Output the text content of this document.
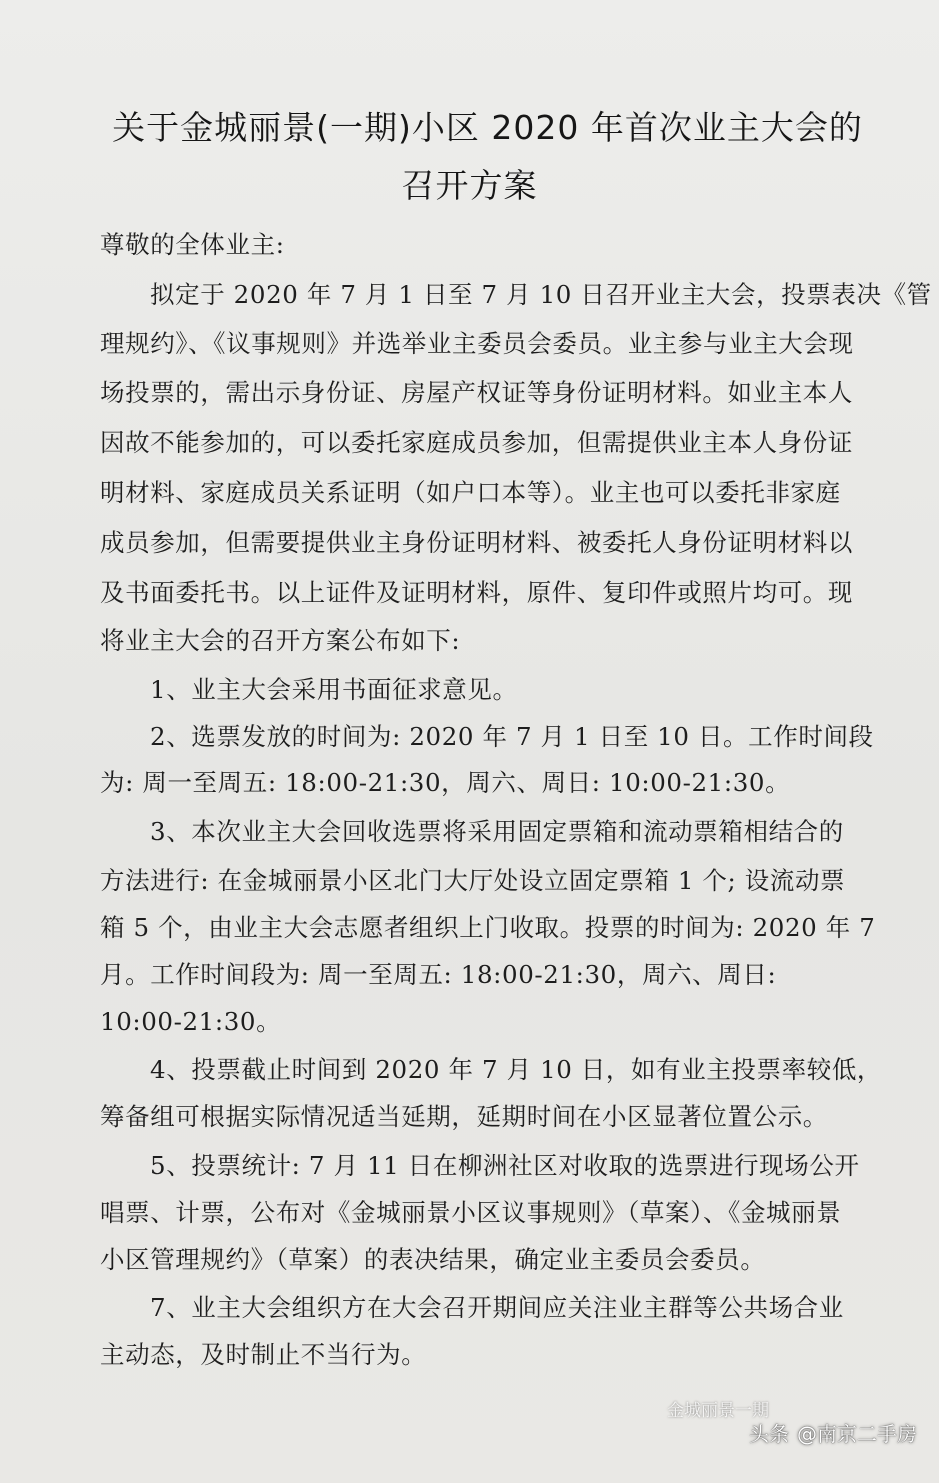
关于金城丽景(一期)小区 2020 年首次业主大会的
召开方案
尊敬的全体业主:
拟定于 2020 年 7 月 1 日至 7 月 10 日召开业主大会，投票表决《管
理规约》、《议事规则》并选举业主委员会委员。业主参与业主大会现
场投票的，需出示身份证、房屋产权证等身份证明材料。如业主本人
因故不能参加的，可以委托家庭成员参加，但需提供业主本人身份证
明材料、家庭成员关系证明（如户口本等）。业主也可以委托非家庭
成员参加，但需要提供业主身份证明材料、被委托人身份证明材料以
及书面委托书。以上证件及证明材料，原件、复印件或照片均可。现
将业主大会的召开方案公布如下:
1、业主大会采用书面征求意见。
2、选票发放的时间为: 2020 年 7 月 1 日至 10 日。工作时间段
为: 周一至周五: 18:00-21:30，周六、周日: 10:00-21:30。
3、本次业主大会回收选票将采用固定票箱和流动票箱相结合的
方法进行: 在金城丽景小区北门大厅处设立固定票箱 1 个; 设流动票
箱 5 个，由业主大会志愿者组织上门收取。投票的时间为: 2020 年 7
月。工作时间段为: 周一至周五: 18:00-21:30，周六、周日:
10:00-21:30。
4、投票截止时间到 2020 年 7 月 10 日，如有业主投票率较低，
筹备组可根据实际情况适当延期，延期时间在小区显著位置公示。
5、投票统计: 7 月 11 日在柳洲社区对收取的选票进行现场公开
唱票、计票，公布对《金城丽景小区议事规则》（草案）、《金城丽景
小区管理规约》（草案）的表决结果，确定业主委员会委员。
7、业主大会组织方在大会召开期间应关注业主群等公共场合业
主动态，及时制止不当行为。
金城丽景一期
头条 @南京二手房
